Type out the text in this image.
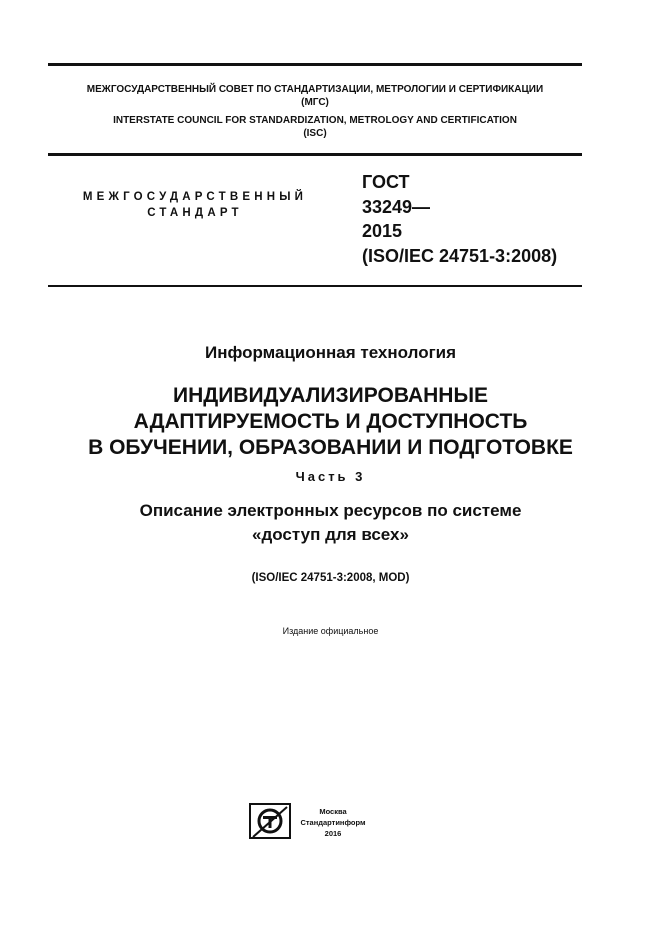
МЕЖГОСУДАРСТВЕННЫЙ СОВЕТ ПО СТАНДАРТИЗАЦИИ, МЕТРОЛОГИИ И СЕРТИФИКАЦИИ
(МГС)
INTERSTATE COUNCIL FOR STANDARDIZATION, METROLOGY AND CERTIFICATION
(ISC)
МЕЖГОСУДАРСТВЕННЫЙ
СТАНДАРТ
ГОСТ
33249—
2015
(ISO/IEC 24751-3:2008)
Информационная технология
ИНДИВИДУАЛИЗИРОВАННЫЕ
АДАПТИРУЕМОСТЬ И ДОСТУПНОСТЬ
В ОБУЧЕНИИ, ОБРАЗОВАНИИ И ПОДГОТОВКЕ
Часть 3
Описание электронных ресурсов по системе
«доступ для всех»
(ISO/IEC 24751-3:2008, MOD)
Издание официальное
Москва
Стандартинформ
2016
